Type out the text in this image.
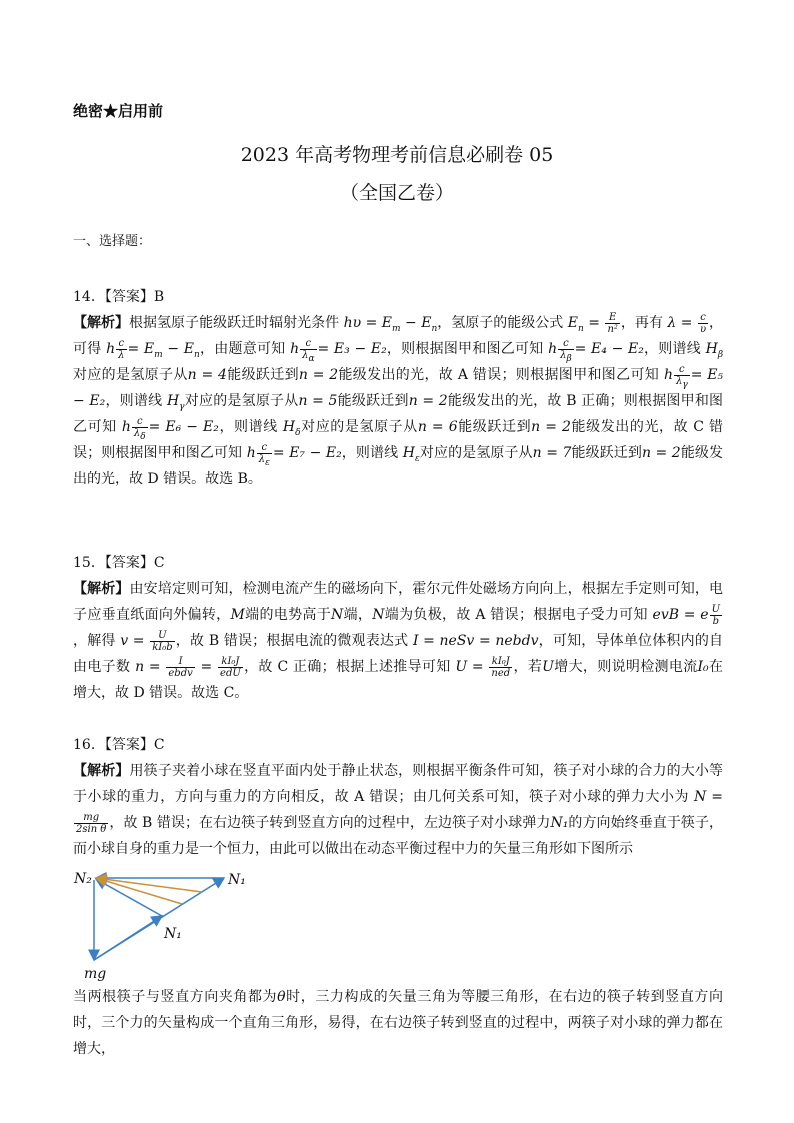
绝密★启用前
2023 年高考物理考前信息必刷卷 05
（全国乙卷）
一、选择题：

14．【答案】B

【解析】根据氢原子能级跃迁时辐射光条件 $h\upsilon = E_m - E_n$，氢原子的能级公式 $E_n = \frac{E}{\text{n²}}$ ，再有 $\lambda = \frac{c}{\upsilon}$ ，可得 h $\frac{c}{\lambda} = E_m - E_n$，由题意可知 h $\frac{c}{\lambda_\alpha} = E_3 - E_2$，则根据图甲和图乙可知 h $\frac{c}{\lambda_\beta} = E_4 - E_2$，则谱线 $H_\beta$对应的是氢原子从n = 4能级跃迁到n = 2能级发出的光，故 A 错误；则根据图甲和图乙可知 h $\frac{c}{\lambda_\gamma} = E_5 - E_2$，则谱线 $H_\gamma$对应的是氢原子从n = 5能级跃迁到n = 2能级发出的光，故 B 正确；则根据图甲和图乙可知 h $\frac{c}{\lambda_\delta} = E_6 - E_2$，则谱线 $H_\delta$对应的是氢原子从n = 6能级跃迁到n = 2能级发出的光，故 C 错误；则根据图甲和图乙可知 h $\frac{c}{\lambda_\varepsilon} = E_7 - E_2$，则谱线 $H_\varepsilon$对应的是氢原子从n = 7能级跃迁到n = 2能级发出的光，故 D 错误。故选 B。

15．【答案】C

【解析】由安培定则可知，检测电流产生的磁场向下，霍尔元件处磁场方向向上，根据左手定则可知，电子应垂直纸面向外偏转，M端的电势高于N端，N端为负极，故 A 错误；根据电子受力可知 evB = e $\frac{U}{b}$
，解得 $v = \frac{U}{\text{kI₀b}}$ ，故 B 错误；根据电流的微观表达式 I = neSv = nebdv，可知，导体单位体积内的自由电子数 $n = \frac{I}{\text{ebdv}} = \frac{\text{kI₀J}}{\text{edU}}$ ，故 C 正确；根据上述推导可知 $U = \frac{\text{kI₀J}}{\text{ned}}$ ，若U增大，则说明检测电流I₀在增大，故 D 错误。故选 C。

16．【答案】C

【解析】用筷子夹着小球在竖直平面内处于静止状态，则根据平衡条件可知，筷子对小球的合力的大小等于小球的重力，方向与重力的方向相反，故 A 错误；由几何关系可知，筷子对小球的弹力大小为 N =
$\frac{mg}{\text{2sin θ}}$ ，故 B 错误；在右边筷子转到竖直方向的过程中，左边筷子对小球弹力N₁的方向始终垂直于筷子，而小球自身的重力是一个恒力，由此可以做出在动态平衡过程中力的矢量三角形如下图所示

N₂	N₁
N₁
mg

当两根筷子与竖直方向夹角都为θ时，三力构成的矢量三角为等腰三角形，在右边的筷子转到竖直方向时，三个力的矢量构成一个直角三角形，易得，在右边筷子转到竖直的过程中，两筷子对小球的弹力都在增大，
